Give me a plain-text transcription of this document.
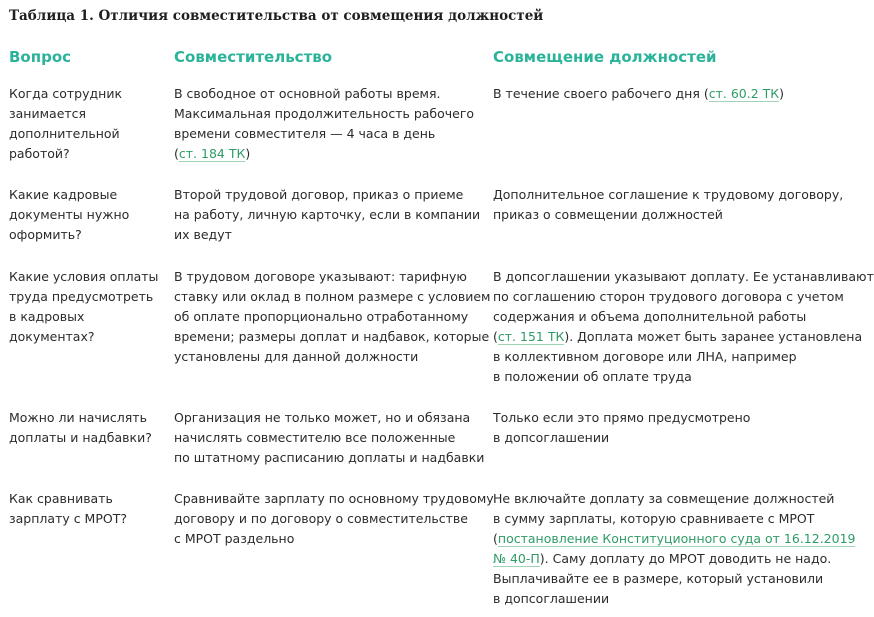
Таблица 1. Отличия совместительства от совмещения должностей
Вопрос	Совместительство	Совмещение должностей
Когда сотрудник
занимается
дополнительной
работой?
В свободное от основной работы время.
Максимальная продолжительность рабочего
времени совместителя — 4 часа в день
(ст. 184 ТК)
В течение своего рабочего дня (ст. 60.2 ТК)
Какие кадровые
документы нужно
оформить?
Второй трудовой договор, приказ о приеме
на работу, личную карточку, если в компании
их ведут
Дополнительное соглашение к трудовому договору,
приказ о совмещении должностей
Какие условия оплаты
труда предусмотреть
в кадровых
документах?
В трудовом договоре указывают: тарифную
ставку или оклад в полном размере с условием
об оплате пропорционально отработанному
времени; размеры доплат и надбавок, которые
установлены для данной должности
В допсоглашении указывают доплату. Ее устанавливают
по соглашению сторон трудового договора с учетом
содержания и объема дополнительной работы
(ст. 151 ТК). Доплата может быть заранее установлена
в коллективном договоре или ЛНА, например
в положении об оплате труда
Можно ли начислять
доплаты и надбавки?
Организация не только может, но и обязана
начислять совместителю все положенные
по штатному расписанию доплаты и надбавки
Только если это прямо предусмотрено
в допсоглашении
Как сравнивать
зарплату с МРОТ?
Сравнивайте зарплату по основному трудовому
договору и по договору о совместительстве
с МРОТ раздельно
Не включайте доплату за совмещение должностей
в сумму зарплаты, которую сравниваете с МРОТ
(постановление Конституционного суда от 16.12.2019
№ 40-П). Саму доплату до МРОТ доводить не надо.
Выплачивайте ее в размере, который установили
в допсоглашении
